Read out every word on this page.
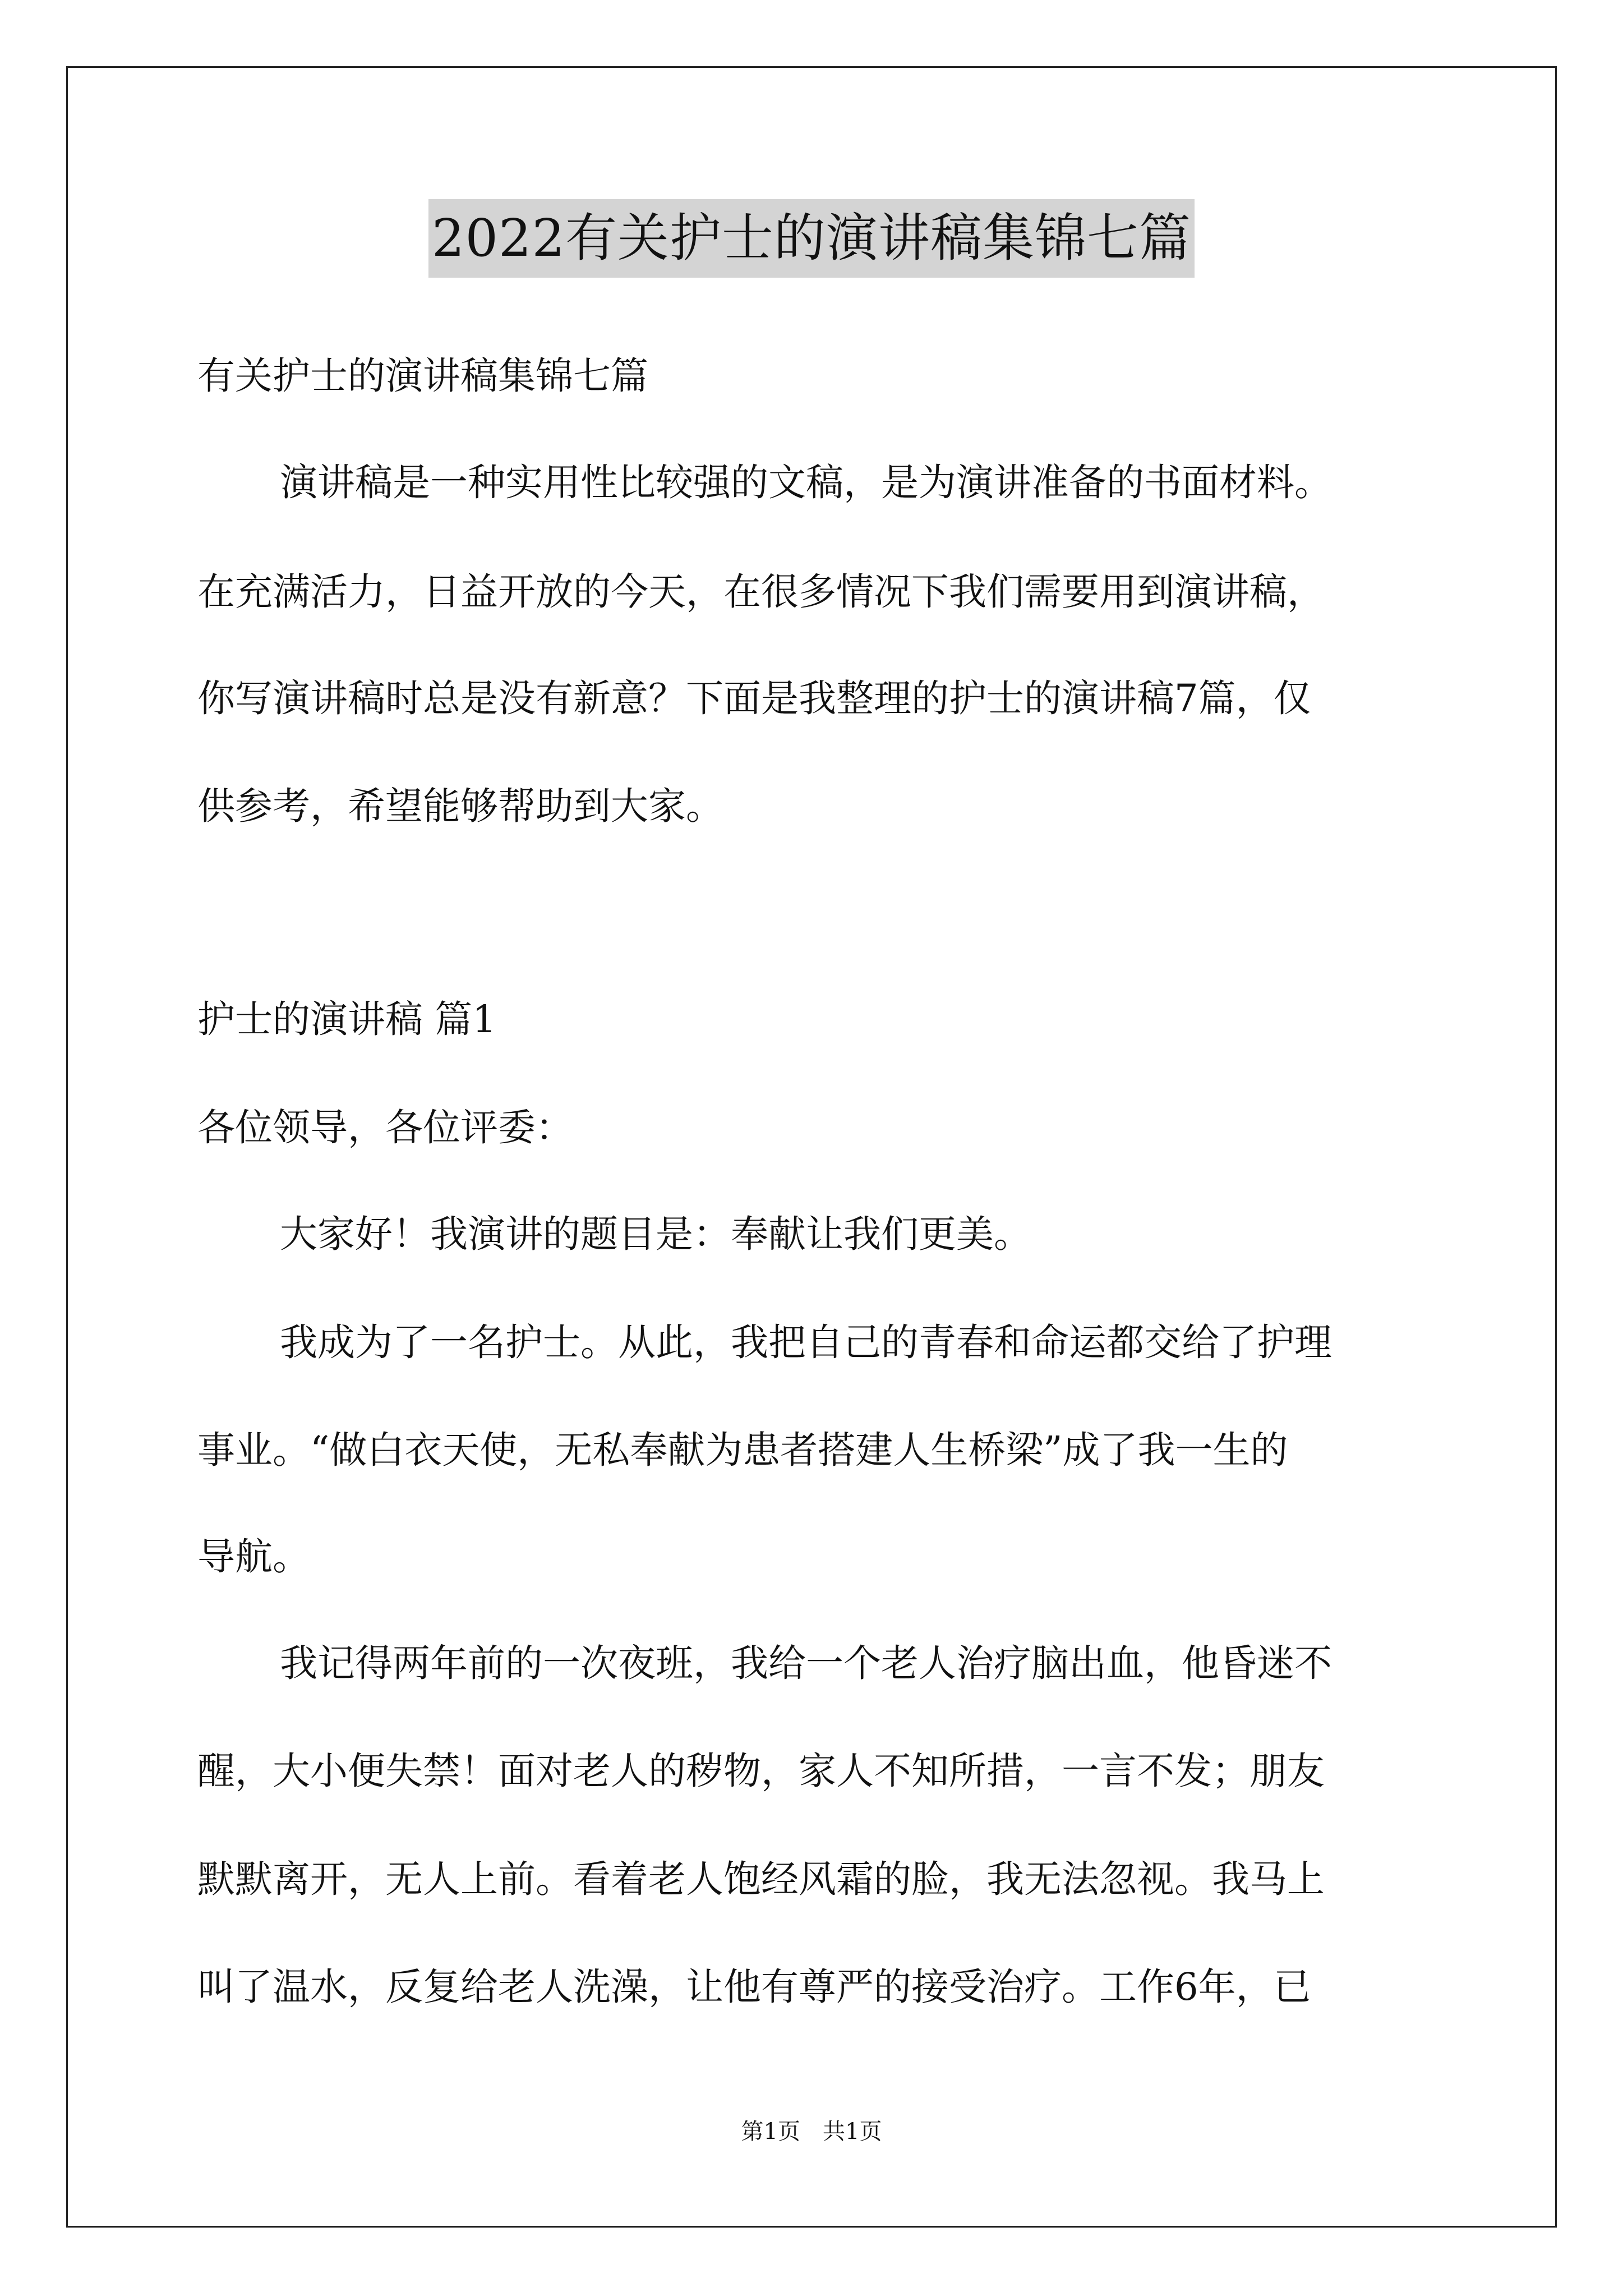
2022有关护士的演讲稿集锦七篇
有关护士的演讲稿集锦七篇
演讲稿是一种实用性比较强的文稿，是为演讲准备的书面材料。
在充满活力，日益开放的今天，在很多情况下我们需要用到演讲稿，
你写演讲稿时总是没有新意？下面是我整理的护士的演讲稿7篇，仅
供参考，希望能够帮助到大家。
护士的演讲稿 篇1
各位领导，各位评委：
大家好！我演讲的题目是：奉献让我们更美。
我成为了一名护士。从此，我把自己的青春和命运都交给了护理
事业。“做白衣天使，无私奉献为患者搭建人生桥梁”成了我一生的
导航。
我记得两年前的一次夜班，我给一个老人治疗脑出血，他昏迷不
醒，大小便失禁！面对老人的秽物，家人不知所措，一言不发；朋友
默默离开，无人上前。看着老人饱经风霜的脸，我无法忽视。我马上
叫了温水，反复给老人洗澡，让他有尊严的接受治疗。工作6年，已
第1页　共1页
